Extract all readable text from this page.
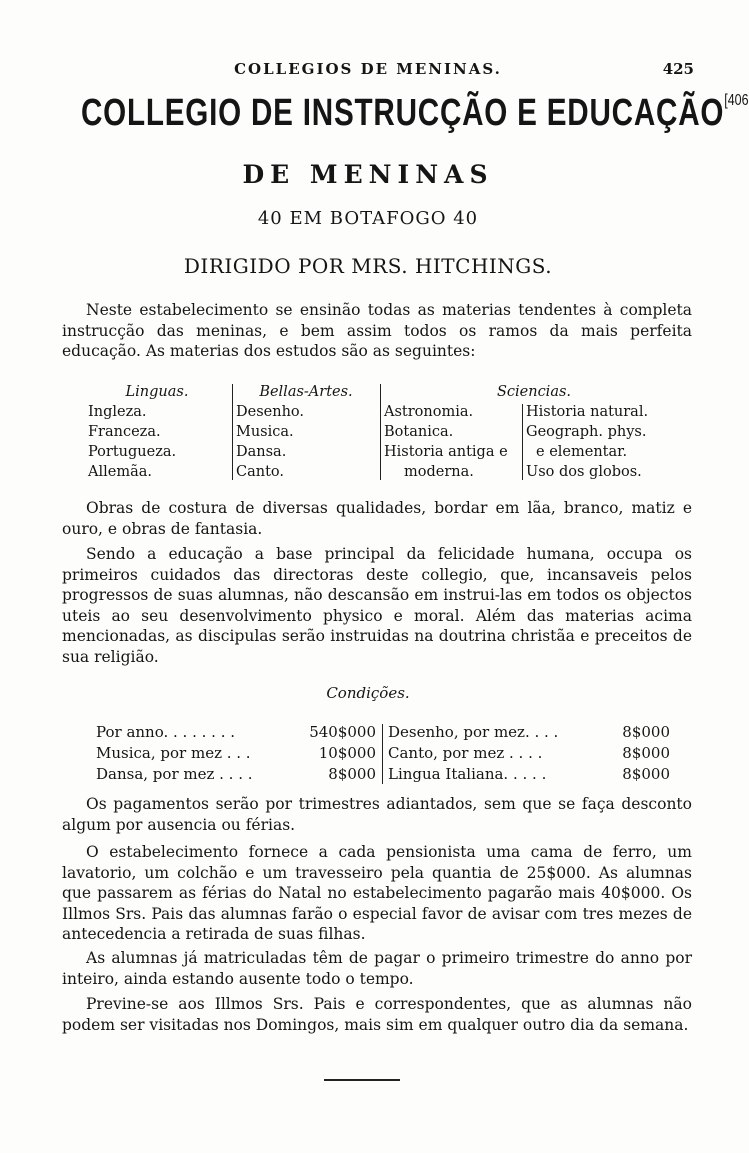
COLLEGIOS DE MENINAS.	425
COLLEGIO DE INSTRUCÇÃO E EDUCAÇÃO$^{[406}$
DE MENINAS
40 EM BOTAFOGO 40
DIRIGIDO POR MRS. HITCHINGS.

Neste estabelecimento se ensinão todas as materias tendentes à completa instrucção das meninas, e bem assim todos os ramos da mais perfeita educação. As materias dos estudos são as seguintes:

Linguas.
Ingleza.
Franceza.
Portugueza.
Allemãa.
Bellas-Artes.
Desenho.
Musica.
Dansa.
Canto.
Sciencias.
Astronomia.
Botanica.
Historia antiga e
moderna.
Historia natural.
Geograph. phys.
e elementar.
Uso dos globos.

Obras de costura de diversas qualidades, bordar em lãa, branco, matiz e ouro, e obras de fantasia.

Sendo a educação a base principal da felicidade humana, occupa os primeiros cuidados das directoras deste collegio, que, incansaveis pelos progressos de suas alumnas, não descansão em instrui-las em todos os objectos uteis ao seu desenvolvimento physico e moral. Além das materias acima mencionadas, as discipulas serão instruidas na doutrina christãa e preceitos de sua religião.

Condições.
Por anno. . . . . . . .
Musica, por mez . . .
Dansa, por mez . . . .
540$000
10$000
8$000
Desenho, por mez. . . .
Canto, por mez . . . .
Lingua Italiana. . . . .
8$000
8$000
8$000

Os pagamentos serão por trimestres adiantados, sem que se faça desconto algum por ausencia ou férias.

O estabelecimento fornece a cada pensionista uma cama de ferro, um lavatorio, um colchão e um travesseiro pela quantia de 25$000. As alumnas que passarem as férias do Natal no estabelecimento pagarão mais 40$000. Os Illmos Srs. Pais das alumnas farão o especial favor de avisar com tres mezes de antecedencia a retirada de suas filhas.

As alumnas já matriculadas têm de pagar o primeiro trimestre do anno por inteiro, ainda estando ausente todo o tempo.

Previne-se aos Illmos Srs. Pais e correspondentes, que as alumnas não podem ser visitadas nos Domingos, mais sim em qualquer outro dia da semana.
